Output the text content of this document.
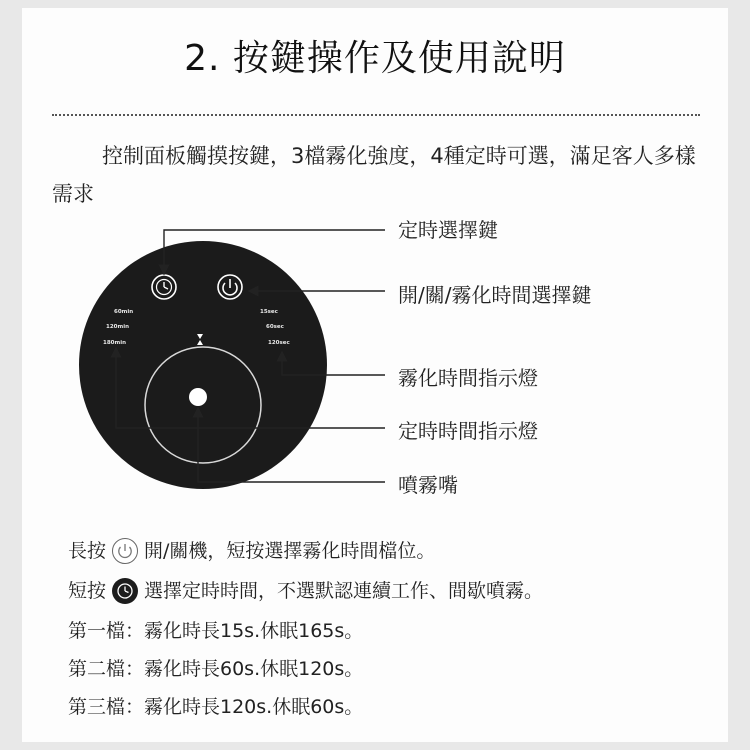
2. 按鍵操作及使用說明
控制面板觸摸按鍵，3檔霧化強度，4種定時可選，滿足客人多樣需求
60min
120min
180min
15sec
60sec
120sec
定時選擇鍵
開/關/霧化時間選擇鍵
霧化時間指示燈
定時時間指示燈
噴霧嘴
長按 開/關機，短按選擇霧化時間檔位。
短按 選擇定時時間，不選默認連續工作、間歇噴霧。
第一檔：霧化時長15s.休眠165s。
第二檔：霧化時長60s.休眠120s。
第三檔：霧化時長120s.休眠60s。
